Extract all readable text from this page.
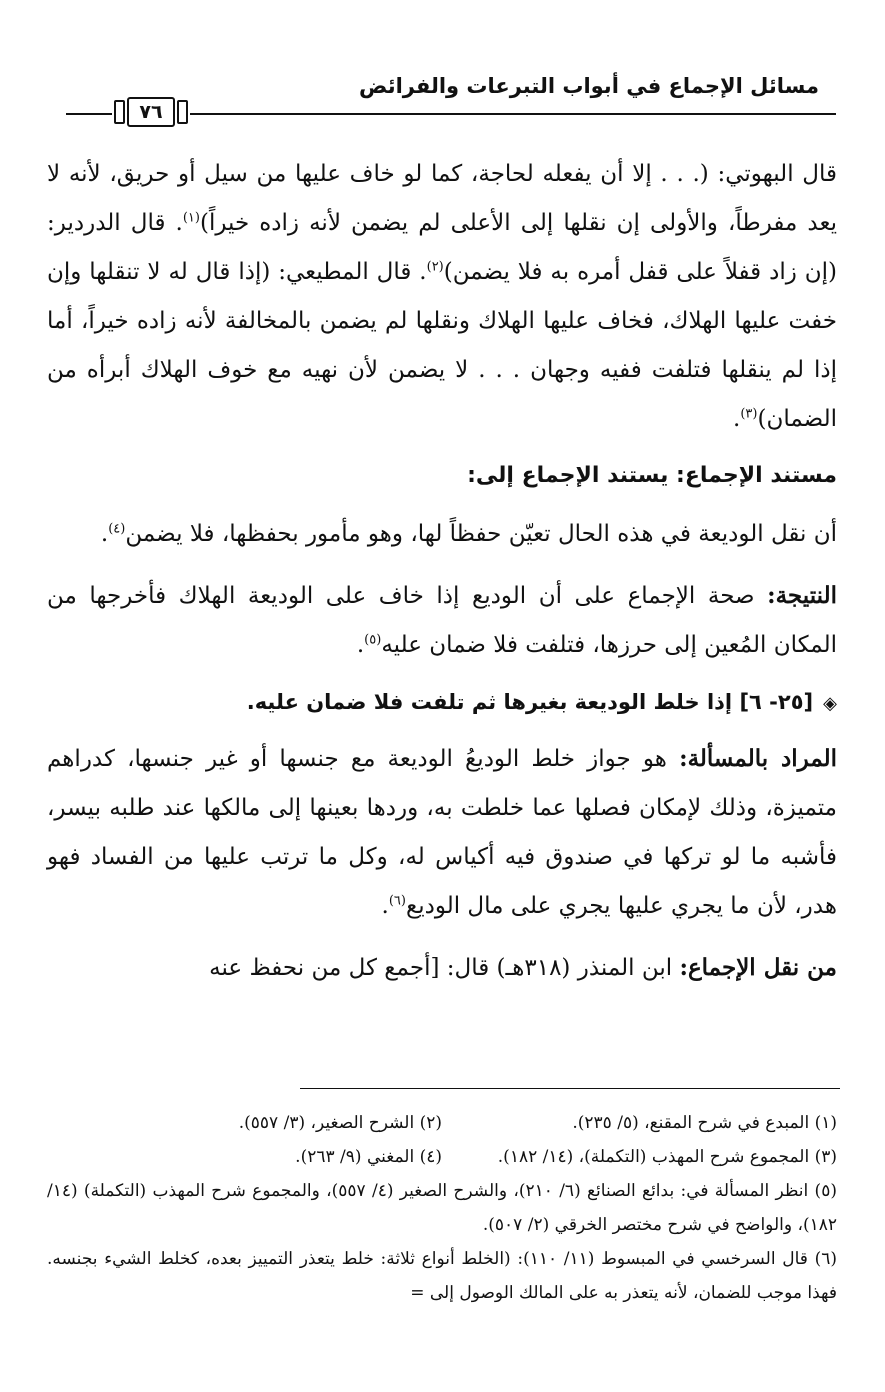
مسائل الإجماع في أبواب التبرعات والفرائض
٧٦

قال البهوتي: (. . . إلا أن يفعله لحاجة، كما لو خاف عليها من سيل أو حريق، لأنه لا يعد مفرطاً، والأولى إن نقلها إلى الأعلى لم يضمن لأنه زاده خيراً)$^{(١)}$. قال الدردير: (إن زاد قفلاً على قفل أمره به فلا يضمن)$^{(٢)}$. قال المطيعي: (إذا قال له لا تنقلها وإن خفت عليها الهلاك، فخاف عليها الهلاك ونقلها لم يضمن بالمخالفة لأنه زاده خيراً، أما إذا لم ينقلها فتلفت ففيه وجهان . . . لا يضمن لأن نهيه مع خوف الهلاك أبرأه من الضمان)$^{(٣)}$.

مستند الإجماع: يستند الإجماع إلى:

أن نقل الوديعة في هذه الحال تعيّن حفظاً لها، وهو مأمور بحفظها، فلا يضمن$^{(٤)}$.

النتيجة: صحة الإجماع على أن الوديع إذا خاف على الوديعة الهلاك فأخرجها من المكان المُعين إلى حرزها، فتلفت فلا ضمان عليه$^{(٥)}$.

◈[٢٥- ٦] إذا خلط الوديعة بغيرها ثم تلفت فلا ضمان عليه.

المراد بالمسألة: هو جواز خلط الوديعُ الوديعة مع جنسها أو غير جنسها، كدراهم متميزة، وذلك لإمكان فصلها عما خلطت به، وردها بعينها إلى مالكها عند طلبه بيسر، فأشبه ما لو تركها في صندوق فيه أكياس له، وكل ما ترتب عليها من الفساد فهو هدر، لأن ما يجري عليها يجري على مال الوديع$^{(٦)}$.

من نقل الإجماع: ابن المنذر (٣١٨هـ) قال: [أجمع كل من نحفظ عنه

(١) المبدع في شرح المقنع، (٥/ ٢٣٥).
(٢) الشرح الصغير، (٣/ ٥٥٧).
(٣) المجموع شرح المهذب (التكملة)، (١٤/ ١٨٢).
(٤) المغني (٩/ ٢٦٣).
(٥) انظر المسألة في: بدائع الصنائع (٦/ ٢١٠)، والشرح الصغير (٤/ ٥٥٧)، والمجموع شرح المهذب (التكملة) (١٤/ ١٨٢)، والواضح في شرح مختصر الخرقي (٢/ ٥٠٧).
(٦) قال السرخسي في المبسوط (١١/ ١١٠): (الخلط أنواع ثلاثة: خلط يتعذر التمييز بعده، كخلط الشيء بجنسه. فهذا موجب للضمان، لأنه يتعذر به على المالك الوصول إلى =
